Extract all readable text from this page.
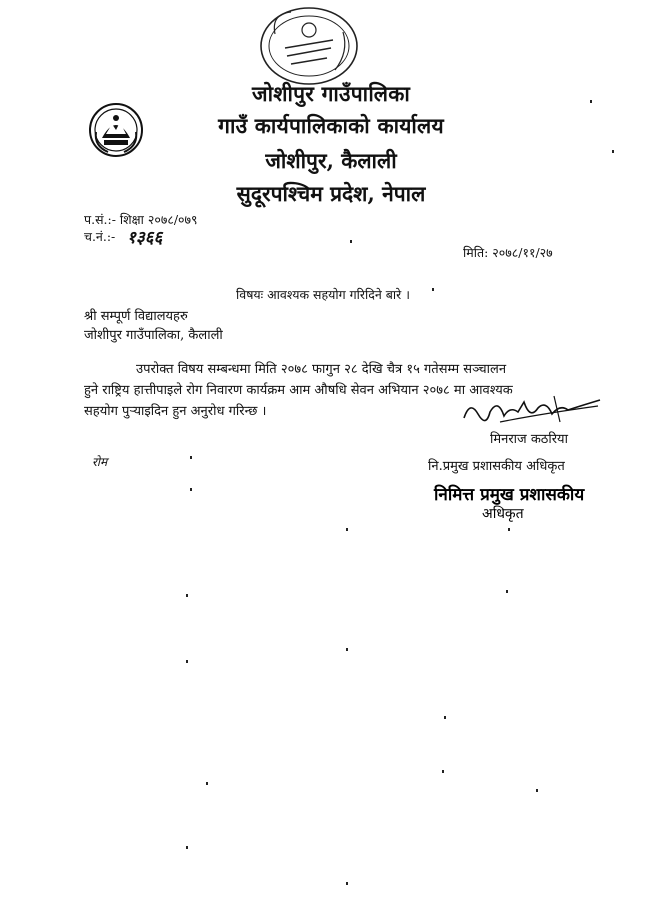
जोशीपुर गाउँपालिका
गाउँ कार्यपालिकाको कार्यालय
जोशीपुर, कैलाली
सुदूरपश्चिम प्रदेश, नेपाल
प.सं.:- शिक्षा २०७८/०७९
च.नं.:- १३६६
मिति: २०७८/११/२७
विषयः आवश्यक सहयोग गरिदिने बारे ।
श्री सम्पूर्ण विद्यालयहरु
जोशीपुर गाउँपालिका, कैलाली
उपरोक्त विषय सम्बन्धमा मिति २०७८ फागुन २८ देखि चैत्र १५ गतेसम्म सञ्चालन
हुने राष्ट्रिय हात्तीपाइले रोग निवारण कार्यक्रम आम औषधि सेवन अभियान २०७८ मा आवश्यक
सहयोग पुऱ्याइदिन हुन अनुरोध गरिन्छ ।
मिनराज कठरिया
नि.प्रमुख प्रशासकीय अधिकृत
निमित्त प्रमुख प्रशासकीय
अधिकृत
रोम
